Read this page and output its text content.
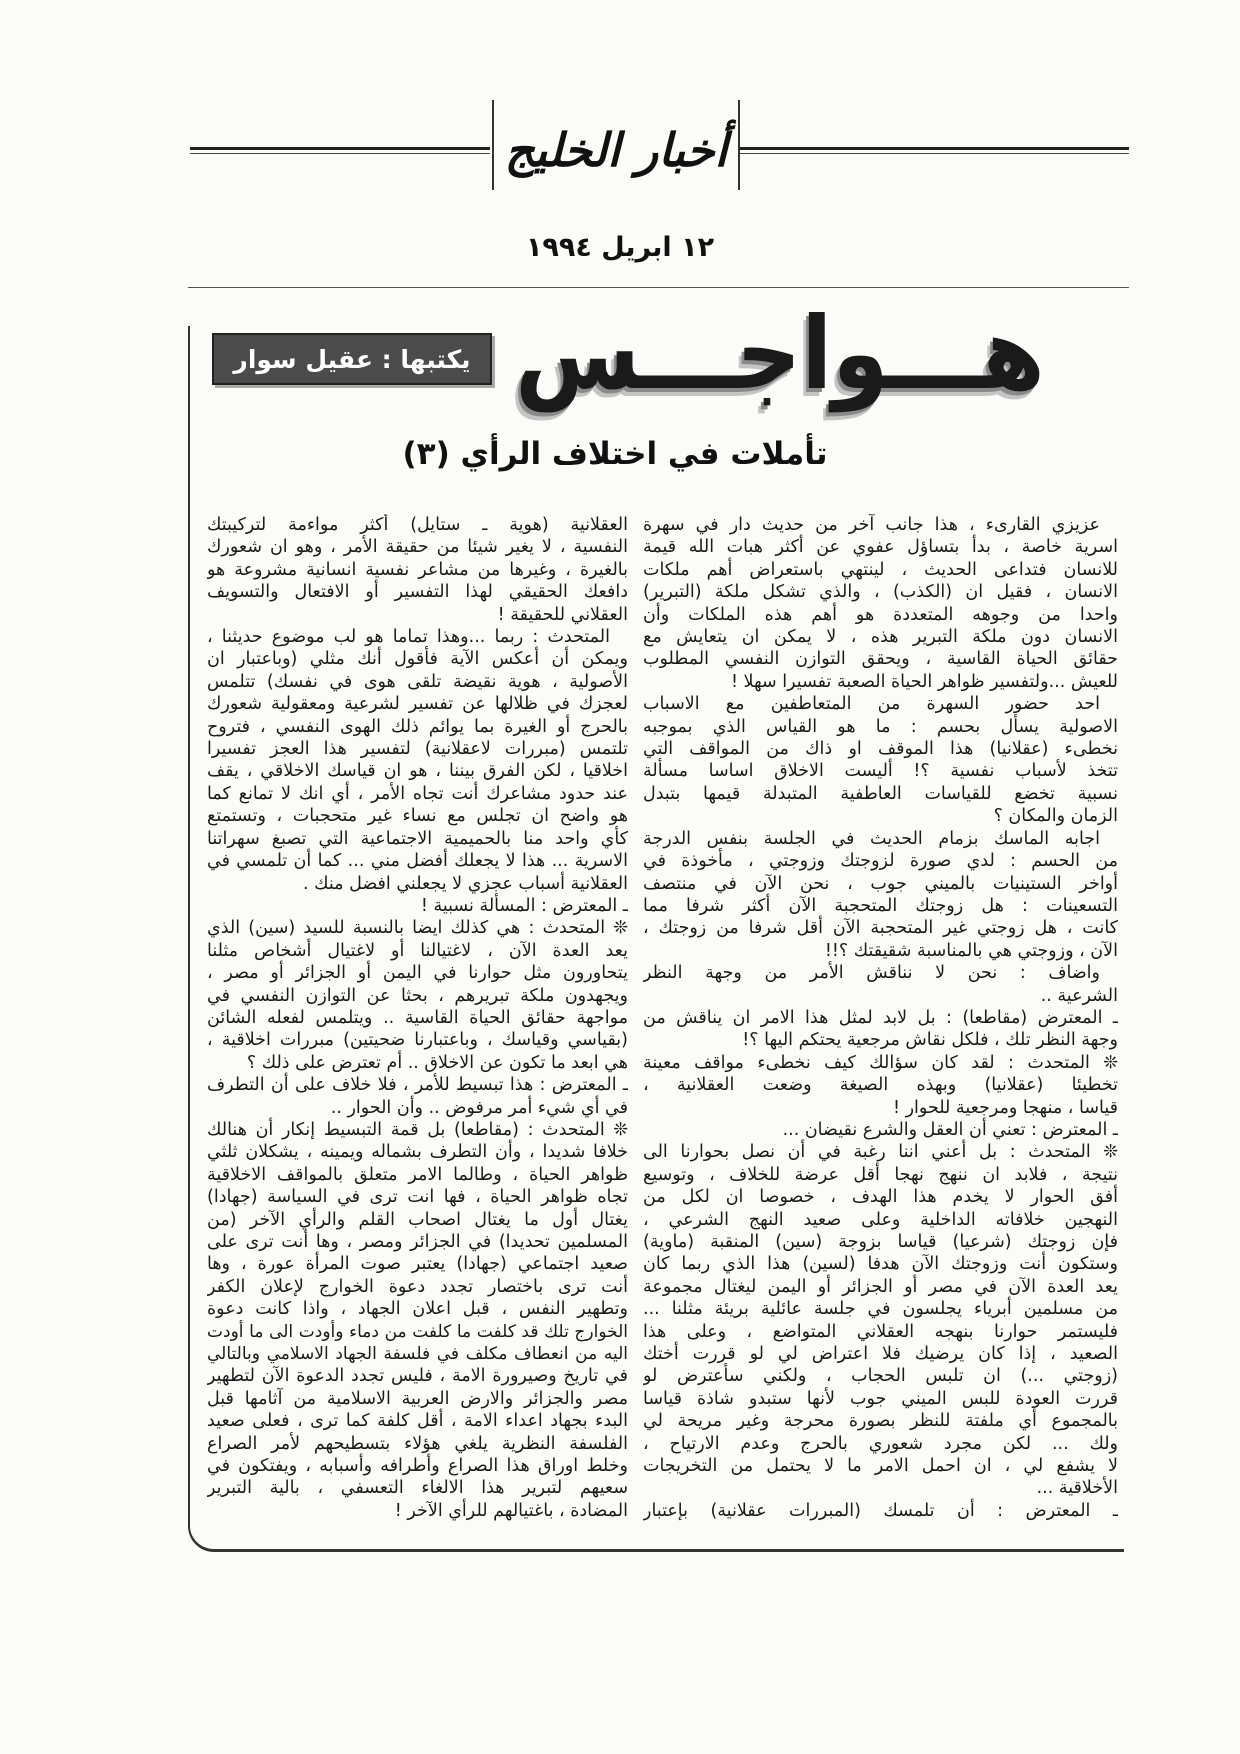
أخبار الخليج
١٢ ابريل ١٩٩٤
هـــواجـــس
يكتبها : عقيل سوار
تأملات في اختلاف الرأي (٣)
عزيزي القارىء ، هذا جانب آخر من حديث دار في سهرة
اسرية خاصة ، بدأ بتساؤل عفوي عن أكثر هبات الله قيمة
للانسان فتداعى الحديث ، لينتهي باستعراض أهم ملكات
الانسان ، فقيل ان (الكذب) ، والذي تشكل ملكة (التبرير)
واحدا من وجوهه المتعددة هو أهم هذه الملكات وأن
الانسان دون ملكة التبرير هذه ، لا يمكن ان يتعايش مع
حقائق الحياة القاسية ، ويحقق التوازن النفسي المطلوب
للعيش ...ولتفسير ظواهر الحياة الصعبة تفسيرا سهلا !
احد حضور السهرة من المتعاطفين مع الاسباب
الاصولية يسأل بحسم : ما هو القياس الذي بموجبه
نخطىء (عقلانيا) هذا الموقف او ذاك من المواقف التي
تتخذ لأسباب نفسية ؟! أليست الاخلاق اساسا مسألة
نسبية تخضع للقياسات العاطفية المتبدلة قيمها بتبدل
الزمان والمكان ؟
اجابه الماسك بزمام الحديث في الجلسة بنفس الدرجة
من الحسم : لدي صورة لزوجتك وزوجتي ، مأخوذة في
أواخر الستينيات بالميني جوب ، نحن الآن في منتصف
التسعينات : هل زوجتك المتحجبة الآن أكثر شرفا مما
كانت ، هل زوجتي غير المتحجبة الآن أقل شرفا من زوجتك ،
الآن ، وزوجتي هي بالمناسبة شقيقتك ؟!!
واضاف : نحن لا نناقش الأمر من وجهة النظر
الشرعية ..
ـ المعترض (مقاطعا) : بل لابد لمثل هذا الامر ان يناقش من
وجهة النظر تلك ، فلكل نقاش مرجعية يحتكم اليها ؟!
❊ المتحدث : لقد كان سؤالك كيف نخطىء مواقف معينة
تخطيئا (عقلانيا) وبهذه الصيغة وضعت العقلانية ،
قياسا ، منهجا ومرجعية للحوار !
ـ المعترض : تعني أن العقل والشرع نقيضان ...
❊ المتحدث : بل أعني اننا رغبة في أن نصل بحوارنا الى
نتيجة ، فلابد ان ننهج نهجا أقل عرضة للخلاف ، وتوسيع
أفق الحوار لا يخدم هذا الهدف ، خصوصا ان لكل من
النهجين خلافاته الداخلية وعلى صعيد النهج الشرعي ،
فإن زوجتك (شرعيا) قياسا بزوجة (سين) المنقبة (ماوية)
وستكون أنت وزوجتك الآن هدفا (لسين) هذا الذي ربما كان
يعد العدة الآن في مصر أو الجزائر أو اليمن ليغتال مجموعة
من مسلمين أبرياء يجلسون في جلسة عائلية بريئة مثلنا ...
فليستمر حوارنا بنهجه العقلاني المتواضع ، وعلى هذا
الصعيد ، إذا كان يرضيك فلا اعتراض لي لو قررت أختك
(زوجتي ...) ان تلبس الحجاب ، ولكني سأعترض لو
قررت العودة للبس الميني جوب لأنها ستبدو شاذة قياسا
بالمجموع أي ملفتة للنظر بصورة محرجة وغير مريحة لي
ولك ... لكن مجرد شعوري بالحرج وعدم الارتياح ،
لا يشفع لي ، ان احمل الامر ما لا يحتمل من التخريجات
الأخلاقية ...
ـ المعترض : أن تلمسك (المبررات عقلانية) بإعتبار
العقلانية (هوية ـ ستايل) أكثر مواءمة لتركيبتك
النفسية ، لا يغير شيئا من حقيقة الأمر ، وهو ان شعورك
بالغيرة ، وغيرها من مشاعر نفسية انسانية مشروعة هو
دافعك الحقيقي لهذا التفسير أو الافتعال والتسويف
العقلاني للحقيقة !
المتحدث : ربما ...وهذا تماما هو لب موضوع حديثنا ،
ويمكن أن أعكس الآية فأقول أنك مثلي (وباعتبار ان
الأصولية ، هوية نقيضة تلقى هوى في نفسك) تتلمس
لعجزك في ظلالها عن تفسير لشرعية ومعقولية شعورك
بالحرج أو الغيرة بما يوائم ذلك الهوى النفسي ، فتروح
تلتمس (مبررات لاعقلانية) لتفسير هذا العجز تفسيرا
اخلاقيا ، لكن الفرق بيننا ، هو ان قياسك الاخلاقي ، يقف
عند حدود مشاعرك أنت تجاه الأمر ، أي انك لا تمانع كما
هو واضح ان تجلس مع نساء غير متحجبات ، وتستمتع
كأي واحد منا بالحميمية الاجتماعية التي تصبغ سهراتنا
الاسرية ... هذا لا يجعلك أفضل مني ... كما أن تلمسي في
العقلانية أسباب عجزي لا يجعلني افضل منك .
ـ المعترض : المسألة نسبية !
❊ المتحدث : هي كذلك ايضا بالنسبة للسيد (سين) الذي
يعد العدة الآن ، لاغتيالنا أو لاغتيال أشخاص مثلنا
يتحاورون مثل حوارنا في اليمن أو الجزائر أو مصر ،
ويجهدون ملكة تبريرهم ، بحثا عن التوازن النفسي في
مواجهة حقائق الحياة القاسية .. ويتلمس لفعله الشائن
(بقياسي وقياسك ، وباعتبارنا ضحيتين) مبررات اخلاقية ،
هي ابعد ما تكون عن الاخلاق .. أم تعترض على ذلك ؟
ـ المعترض : هذا تبسيط للأمر ، فلا خلاف على أن التطرف
في أي شيء أمر مرفوض .. وأن الحوار ..
❊ المتحدث : (مقاطعا) بل قمة التبسيط إنكار أن هنالك
خلافا شديدا ، وأن التطرف بشماله ويمينه ، يشكلان ثلثي
ظواهر الحياة ، وطالما الامر متعلق بالمواقف الاخلاقية
تجاه ظواهر الحياة ، فها انت ترى في السياسة (جهادا)
يغتال أول ما يغتال اصحاب القلم والرأي الآخر (من
المسلمين تحديدا) في الجزائر ومصر ، وها أنت ترى على
صعيد اجتماعي (جهادا) يعتبر صوت المرأة عورة ، وها
أنت ترى باختصار تجدد دعوة الخوارج لإعلان الكفر
وتطهير النفس ، قبل اعلان الجهاد ، واذا كانت دعوة
الخوارج تلك قد كلفت ما كلفت من دماء وأودت الى ما أودت
اليه من انعطاف مكلف في فلسفة الجهاد الاسلامي وبالتالي
في تاريخ وصيرورة الامة ، فليس تجدد الدعوة الآن لتطهير
مصر والجزائر والارض العربية الاسلامية من آثامها قبل
البدء بجهاد اعداء الامة ، أقل كلفة كما ترى ، فعلى صعيد
الفلسفة النظرية يلغي هؤلاء بتسطيحهم لأمر الصراع
وخلط اوراق هذا الصراع وأطرافه وأسبابه ، ويفتكون في
سعيهم لتبرير هذا الالغاء التعسفي ، بالية التبرير
المضادة ، باغتيالهم للرأي الآخر !
